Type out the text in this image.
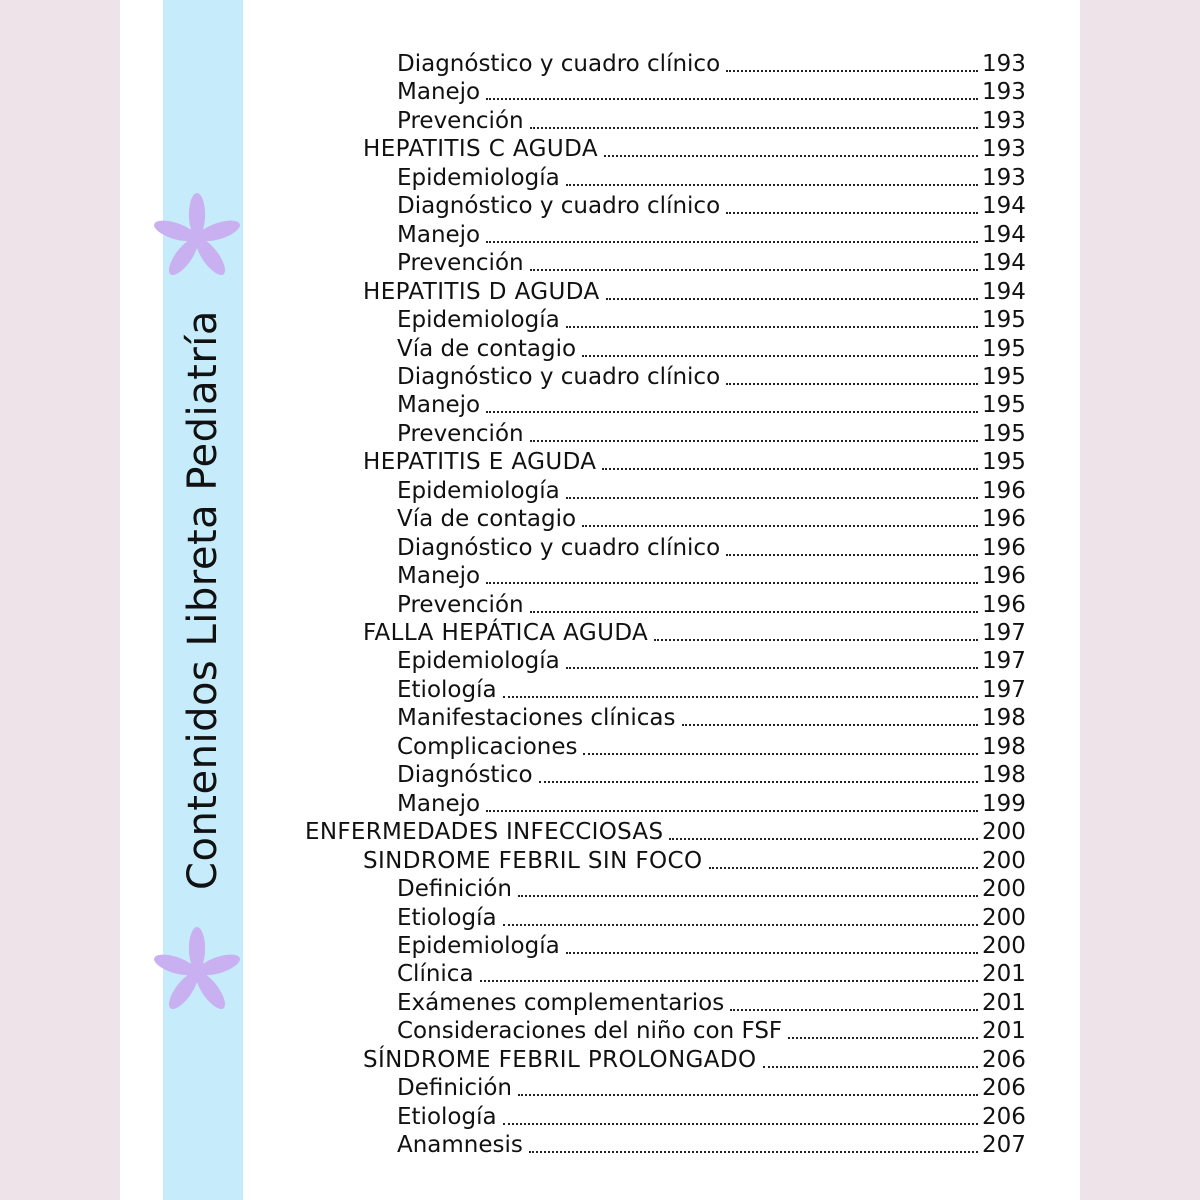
Contenidos Libreta Pediatría
Diagnóstico y cuadro clínico	193
Manejo	193
Prevención	193
HEPATITIS C AGUDA	193
Epidemiología	193
Diagnóstico y cuadro clínico	194
Manejo	194
Prevención	194
HEPATITIS D AGUDA	194
Epidemiología	195
Vía de contagio	195
Diagnóstico y cuadro clínico	195
Manejo	195
Prevención	195
HEPATITIS E AGUDA	195
Epidemiología	196
Vía de contagio	196
Diagnóstico y cuadro clínico	196
Manejo	196
Prevención	196
FALLA HEPÁTICA AGUDA	197
Epidemiología	197
Etiología	197
Manifestaciones clínicas	198
Complicaciones	198
Diagnóstico	198
Manejo	199
ENFERMEDADES INFECCIOSAS	200
SINDROME FEBRIL SIN FOCO	200
Definición	200
Etiología	200
Epidemiología	200
Clínica	201
Exámenes complementarios	201
Consideraciones del niño con FSF	201
SÍNDROME FEBRIL PROLONGADO	206
Definición	206
Etiología	206
Anamnesis	207
